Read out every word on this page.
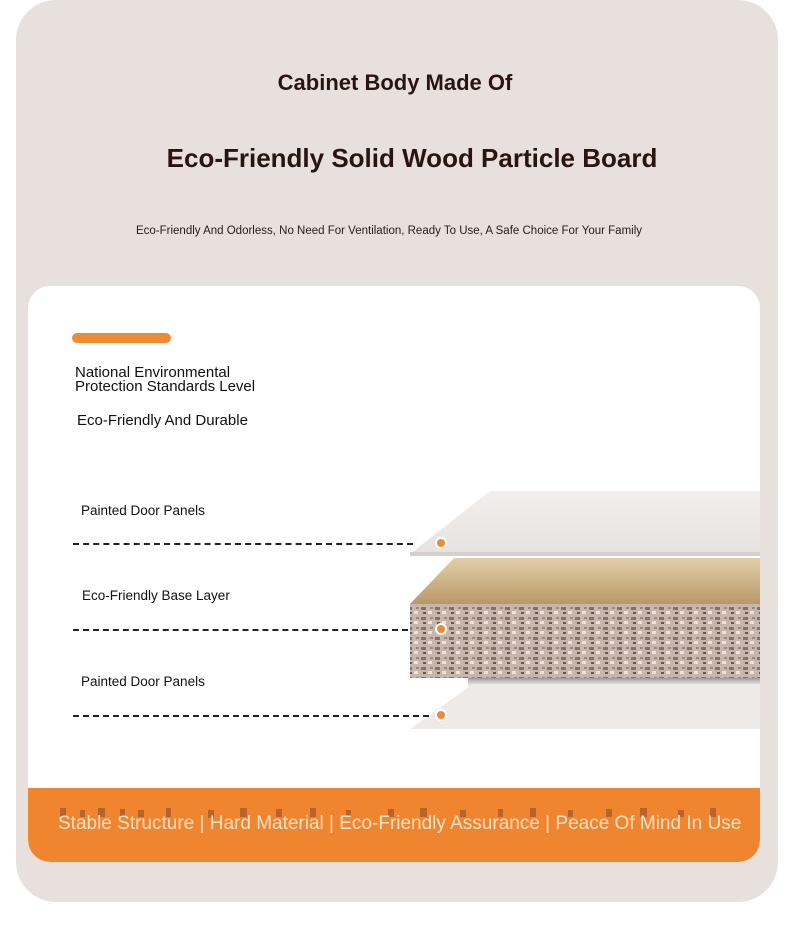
Cabinet Body Made Of
Eco-Friendly Solid Wood Particle Board
Eco-Friendly And Odorless, No Need For Ventilation, Ready To Use, A Safe Choice For Your Family
National Environmental Protection Standards Level
Eco-Friendly And Durable
Painted Door Panels
Eco-Friendly Base Layer
Painted Door Panels
Stable Structure | Hard Material | Eco-Friendly Assurance | Peace Of Mind In Use
